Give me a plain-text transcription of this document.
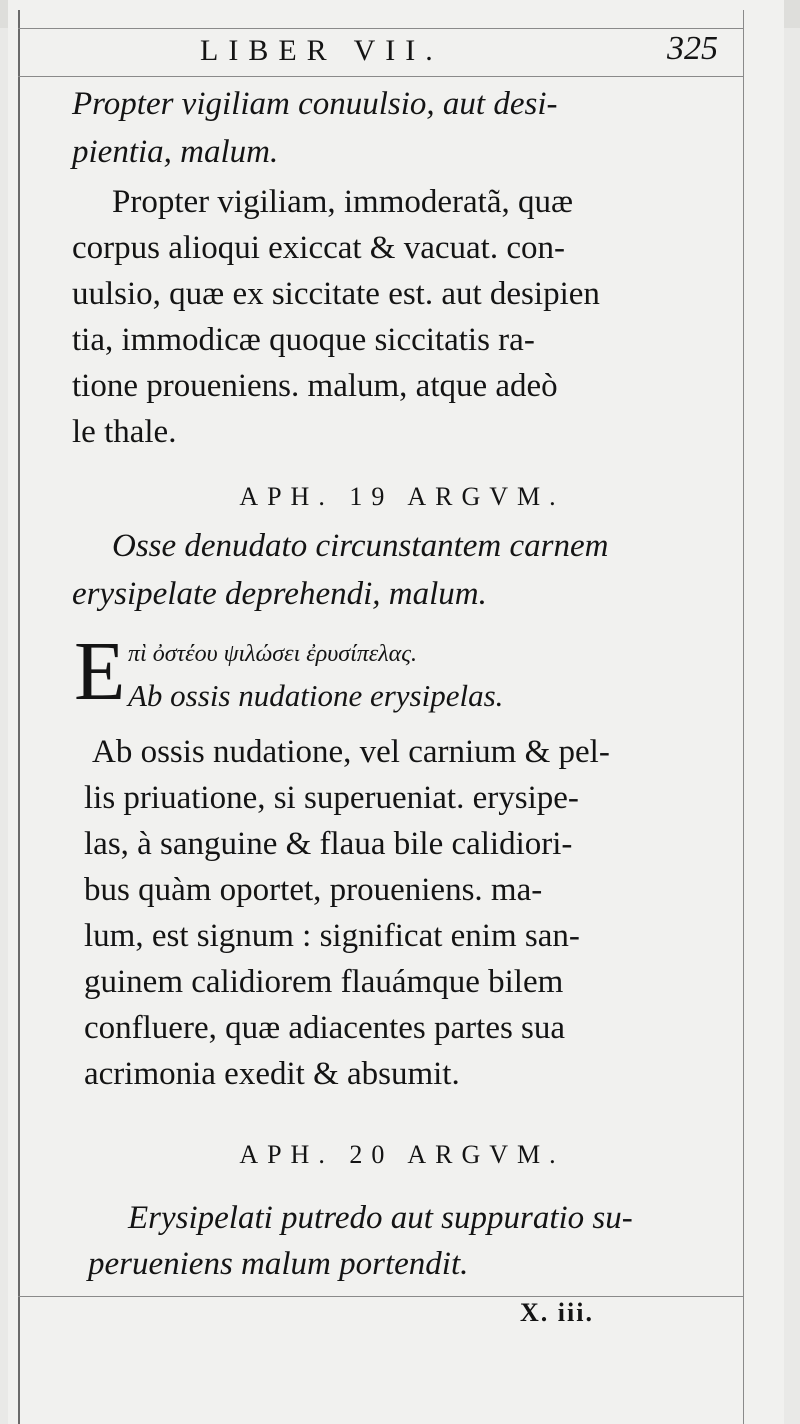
LIBER VII.	325
Propter vigiliam conuulsio, aut desi-
pientia, malum.
Propter vigiliam, immoderatã, quæ
corpus alioqui exiccat & vacuat. con-
uulsio, quæ ex siccitate est. aut desipien
tia, immodicæ quoque siccitatis ra-
tione proueniens. malum, atque adeò
le thale.
APH. 19 ARGVM.
Osse denudato circunstantem carnem
erysipelate deprehendi, malum.
E πὶ ὀστέου ψιλώσει ἐρυσίπελας.
Ab ossis nudatione erysipelas.
Ab ossis nudatione, vel carnium & pel-
lis priuatione, si superueniat. erysipe-
las, à sanguine & flaua bile calidiori-
bus quàm oportet, proueniens. ma-
lum, est signum : significat enim san-
guinem calidiorem flauámque bilem
confluere, quæ adiacentes partes sua
acrimonia exedit & absumit.
APH. 20 ARGVM.
Erysipelati putredo aut suppuratio su-
perueniens malum portendit.
X. iii.
